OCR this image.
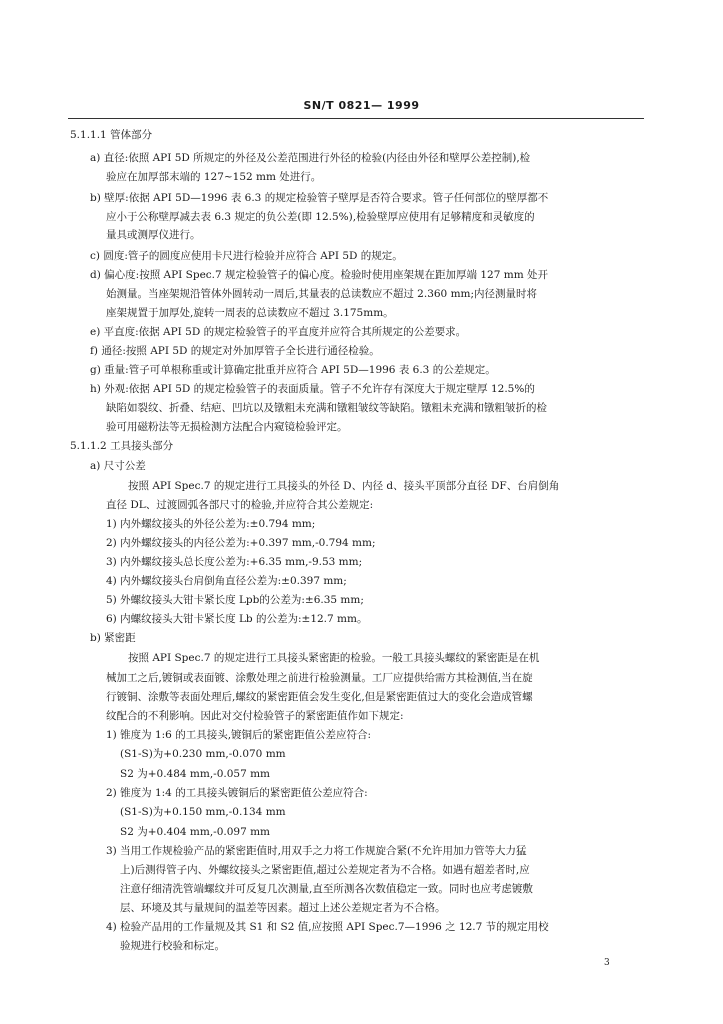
SN/T 0821— 1999
5.1.1.1 管体部分
a) 直径:依照 API 5D 所规定的外径及公差范围进行外径的检验(内径由外径和壁厚公差控制),检
验应在加厚部末端的 127~152 mm 处进行。
b) 壁厚:依据 API 5D—1996 表 6.3 的规定检验管子壁厚是否符合要求。管子任何部位的壁厚都不
应小于公称壁厚减去表 6.3 规定的负公差(即 12.5%),检验壁厚应使用有足够精度和灵敏度的
量具或测厚仪进行。
c) 圆度:管子的圆度应使用卡尺进行检验并应符合 API 5D 的规定。
d) 偏心度:按照 API Spec.7 规定检验管子的偏心度。检验时使用座架规在距加厚端 127 mm 处开
始测量。当座架规沿管体外圆转动一周后,其量表的总读数应不超过 2.360 mm;内径测量时将
座架规置于加厚处,旋转一周表的总读数应不超过 3.175mm。
e) 平直度:依据 API 5D 的规定检验管子的平直度并应符合其所规定的公差要求。
f) 通径:按照 API 5D 的规定对外加厚管子全长进行通径检验。
g) 重量:管子可单根称重或计算确定批重并应符合 API 5D—1996 表 6.3 的公差规定。
h) 外观:依据 API 5D 的规定检验管子的表面质量。管子不允许存有深度大于规定壁厚 12.5%的
缺陷如裂纹、折叠、结疤、凹坑以及镦粗未充满和镦粗皱纹等缺陷。镦粗未充满和镦粗皱折的检
验可用磁粉法等无损检测方法配合内窥镜检验评定。
5.1.1.2 工具接头部分
a) 尺寸公差
按照 API Spec.7 的规定进行工具接头的外径 D、内径 d、接头平顶部分直径 DF、台肩倒角
直径 DL、过渡圆弧各部尺寸的检验,并应符合其公差规定:
1) 内外螺纹接头的外径公差为:±0.794 mm;
2) 内外螺纹接头的内径公差为:+0.397 mm,-0.794 mm;
3) 内外螺纹接头总长度公差为:+6.35 mm,-9.53 mm;
4) 内外螺纹接头台肩倒角直径公差为:±0.397 mm;
5) 外螺纹接头大钳卡紧长度 Lpb的公差为:±6.35 mm;
6) 内螺纹接头大钳卡紧长度 Lb 的公差为:±12.7 mm。
b) 紧密距
按照 API Spec.7 的规定进行工具接头紧密距的检验。一般工具接头螺纹的紧密距是在机
械加工之后,镀铜或表面镀、涂敷处理之前进行检验测量。工厂应提供给需方其检测值,当在旋
行镀铜、涂敷等表面处理后,螺纹的紧密距值会发生变化,但是紧密距值过大的变化会造成管螺
纹配合的不利影响。因此对交付检验管子的紧密距值作如下规定:
1) 锥度为 1:6 的工具接头,镀铜后的紧密距值公差应符合:
(S1-S)为+0.230 mm,-0.070 mm
S2 为+0.484 mm,-0.057 mm
2) 锥度为 1:4 的工具接头镀铜后的紧密距值公差应符合:
(S1-S)为+0.150 mm,-0.134 mm
S2 为+0.404 mm,-0.097 mm
3) 当用工作规检验产品的紧密距值时,用双手之力将工作规旋合紧(不允许用加力管等大力猛
上)后测得管子内、外螺纹接头之紧密距值,超过公差规定者为不合格。如遇有超差者时,应
注意仔细清洗管端螺纹并可反复几次测量,直至所测各次数值稳定一致。同时也应考虑镀敷
层、环境及其与量规间的温差等因素。超过上述公差规定者为不合格。
4) 检验产品用的工作量规及其 S1 和 S2 值,应按照 API Spec.7—1996 之 12.7 节的规定用校
验规进行校验和标定。
3
